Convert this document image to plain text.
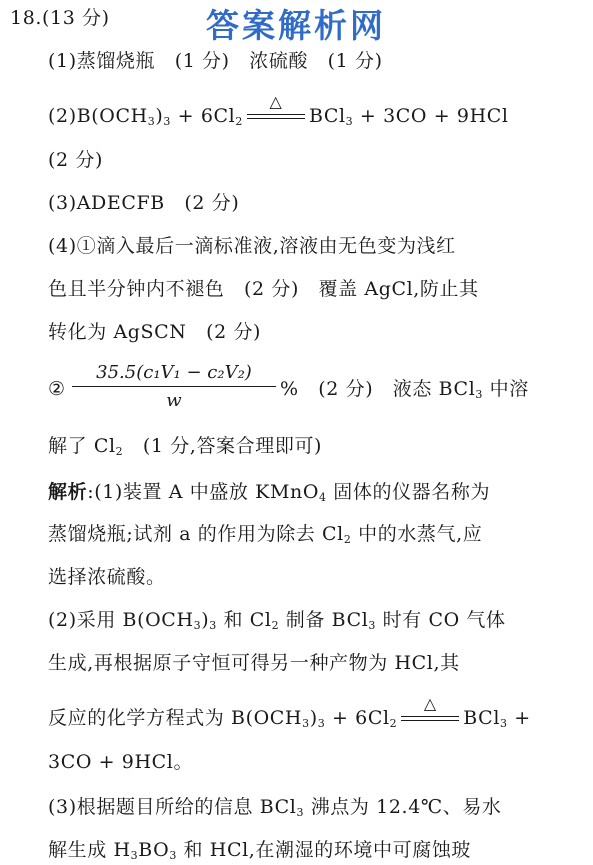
答案解析网
18.(13 分)
(1)蒸馏烧瓶　(1 分)　浓硫酸　(1 分)
$(2)B(OCH_3)_3 + 6Cl_2$
△
BCl$_3$ + 3CO + 9HCl
(2 分)
(3)ADECFB　(2 分)
(4)①滴入最后一滴标准液,溶液由无色变为浅红
色且半分钟内不褪色　(2 分)　覆盖 AgCl,防止其
转化为 AgSCN　(2 分)
②
35.5(c₁V₁ − c₂V₂)
w
%　(2 分)　液态 BCl$_3$ 中溶
解了 $Cl_2$　(1 分,答案合理即可)
解析:(1)装置 A 中盛放 KMnO$_4$ 固体的仪器名称为
蒸馏烧瓶;试剂 a 的作用为除去 $Cl_2$ 中的水蒸气,应
选择浓硫酸。
(2)采用 $B(OCH_3)_3$ 和 $Cl_2$ 制备 BCl$_3$ 时有 CO 气体
生成,再根据原子守恒可得另一种产物为 HCl,其
反应的化学方程式为 $B(OCH_3)_3 + 6Cl_2$
△
BCl$_3$ +
3CO + 9HCl。
(3)根据题目所给的信息 BCl$_3$ 沸点为 12.4℃、易水
解生成 $H_3BO_3$ 和 HCl,在潮湿的环境中可腐蚀玻
